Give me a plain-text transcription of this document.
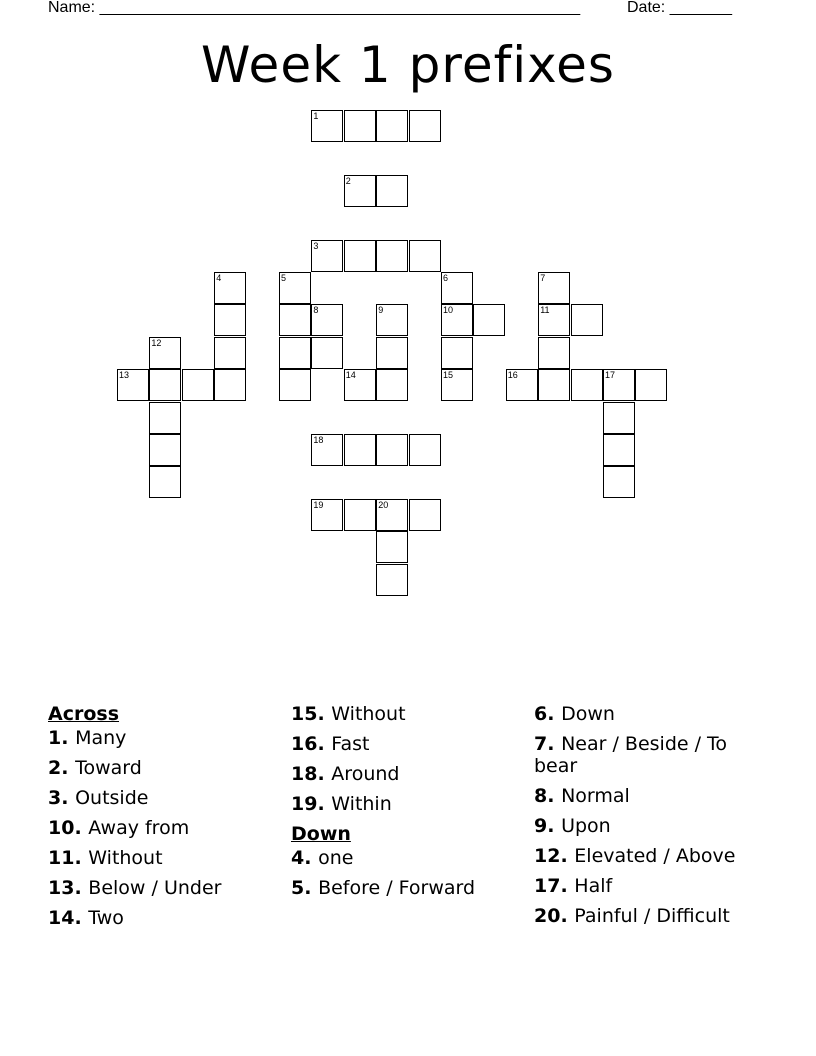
Name: ______________________________________________________	Date: _______
Week 1 prefixes
1
2
3
4	5	6
10
15
7
11
8	9
14
12
13	16	17
18
19	20
Across
1. Many
2. Toward
3. Outside
10. Away from
11. Without
13. Below / Under
14. Two
15. Without
16. Fast
18. Around
19. Within
Down
4. one
5. Before / Forward
6. Down
7. Near / Beside / To bear
8. Normal
9. Upon
12. Elevated / Above
17. Half
20. Painful / Difficult
